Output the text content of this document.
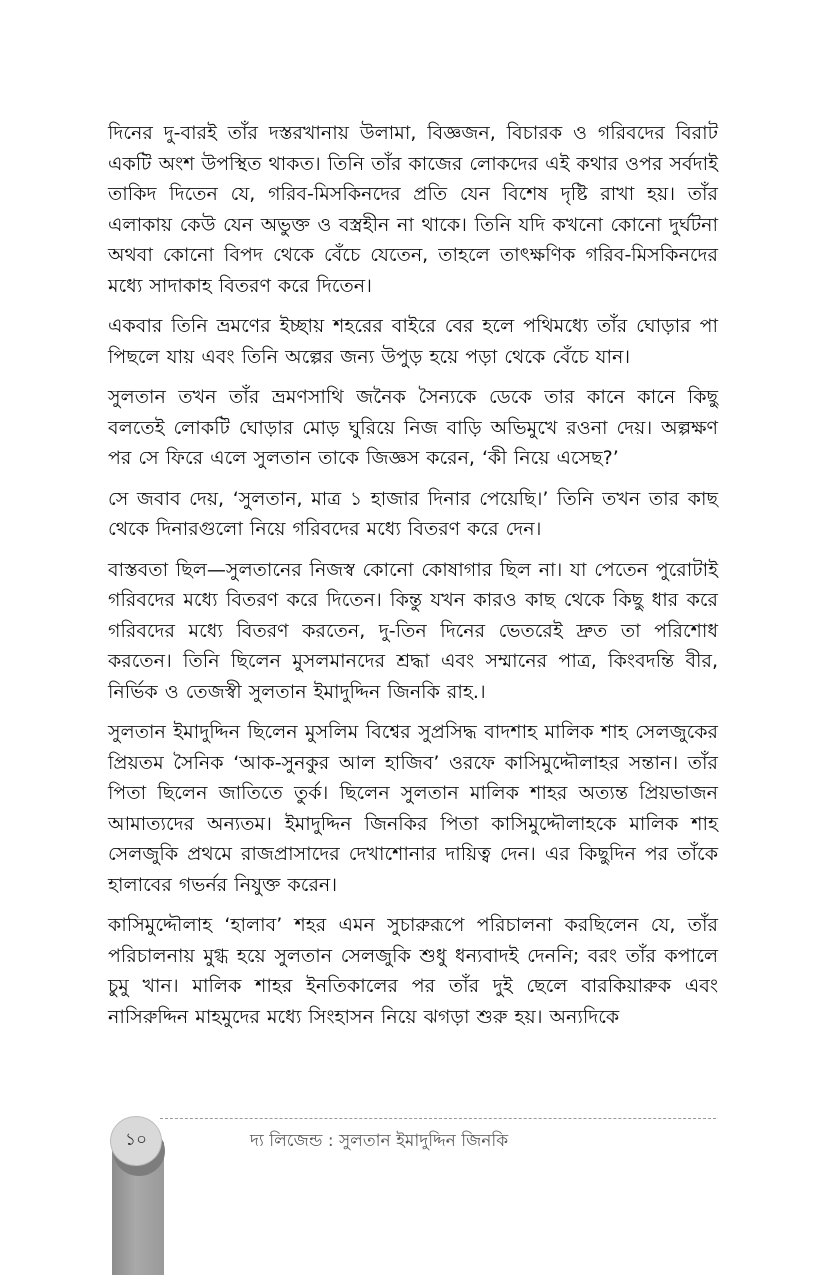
দিনের দু-বারই তাঁর দস্তরখানায় উলামা, বিজ্ঞজন, বিচারক ও গরিবদের বিরাট একটি অংশ উপস্থিত থাকত। তিনি তাঁর কাজের লোকদের এই কথার ওপর সর্বদাই তাকিদ দিতেন যে, গরিব-মিসকিনদের প্রতি যেন বিশেষ দৃষ্টি রাখা হয়। তাঁর এলাকায় কেউ যেন অভুক্ত ও বস্ত্রহীন না থাকে। তিনি যদি কখনো কোনো দুর্ঘটনা অথবা কোনো বিপদ থেকে বেঁচে যেতেন, তাহলে তাৎক্ষণিক গরিব-মিসকিনদের মধ্যে সাদাকাহ বিতরণ করে দিতেন।

একবার তিনি ভ্রমণের ইচ্ছায় শহরের বাইরে বের হলে পথিমধ্যে তাঁর ঘোড়ার পা পিছলে যায় এবং তিনি অল্পের জন্য উপুড় হয়ে পড়া থেকে বেঁচে যান।

সুলতান তখন তাঁর ভ্রমণসাথি জনৈক সৈন্যকে ডেকে তার কানে কানে কিছু বলতেই লোকটি ঘোড়ার মোড় ঘুরিয়ে নিজ বাড়ি অভিমুখে রওনা দেয়। অল্পক্ষণ পর সে ফিরে এলে সুলতান তাকে জিজ্ঞস করেন, ‘কী নিয়ে এসেছ?’

সে জবাব দেয়, ‘সুলতান, মাত্র ১ হাজার দিনার পেয়েছি।’ তিনি তখন তার কাছ থেকে দিনারগুলো নিয়ে গরিবদের মধ্যে বিতরণ করে দেন।

বাস্তবতা ছিল—সুলতানের নিজস্ব কোনো কোষাগার ছিল না। যা পেতেন পুরোটাই গরিবদের মধ্যে বিতরণ করে দিতেন। কিন্তু যখন কারও কাছ থেকে কিছু ধার করে গরিবদের মধ্যে বিতরণ করতেন, দু-তিন দিনের ভেতরেই দ্রুত তা পরিশোধ করতেন। তিনি ছিলেন মুসলমানদের শ্রদ্ধা এবং সম্মানের পাত্র, কিংবদন্তি বীর, নির্ভিক ও তেজস্বী সুলতান ইমাদুদ্দিন জিনকি রাহ.।

সুলতান ইমাদুদ্দিন ছিলেন মুসলিম বিশ্বের সুপ্রসিদ্ধ বাদশাহ মালিক শাহ সেলজুকের প্রিয়তম সৈনিক ‘আক-সুনকুর আল হাজিব’ ওরফে কাসিমুদ্দৌলাহর সন্তান। তাঁর পিতা ছিলেন জাতিতে তুর্ক। ছিলেন সুলতান মালিক শাহর অত্যন্ত প্রিয়ভাজন আমাত্যদের অন্যতম। ইমাদুদ্দিন জিনকির পিতা কাসিমুদ্দৌলাহকে মালিক শাহ সেলজুকি প্রথমে রাজপ্রাসাদের দেখাশোনার দায়িত্ব দেন। এর কিছুদিন পর তাঁকে হালাবের গভর্নর নিযুক্ত করেন।

কাসিমুদ্দৌলাহ ‘হালাব’ শহর এমন সুচারুরূপে পরিচালনা করছিলেন যে, তাঁর পরিচালনায় মুগ্ধ হয়ে সুলতান সেলজুকি শুধু ধন্যবাদই দেননি; বরং তাঁর কপালে চুমু খান। মালিক শাহর ইনতিকালের পর তাঁর দুই ছেলে বারকিয়ারুক এবং নাসিরুদ্দিন মাহমুদের মধ্যে সিংহাসন নিয়ে ঝগড়া শুরু হয়। অন্যদিকে

১০	দ্য লিজেন্ড : সুলতান ইমাদুদ্দিন জিনকি
